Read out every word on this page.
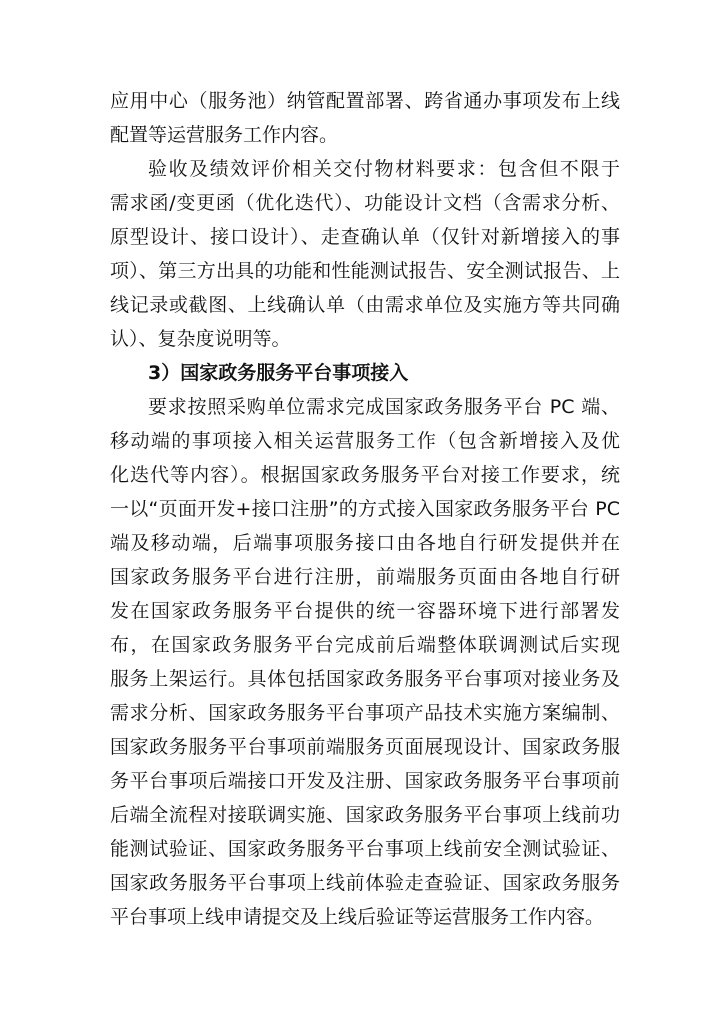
应用中心（服务池）纳管配置部署、跨省通办事项发布上线
配置等运营服务工作内容。
验收及绩效评价相关交付物材料要求：包含但不限于
需求函/变更函（优化迭代）、功能设计文档（含需求分析、
原型设计、接口设计）、走查确认单（仅针对新增接入的事
项）、第三方出具的功能和性能测试报告、安全测试报告、上
线记录或截图、上线确认单（由需求单位及实施方等共同确
认）、复杂度说明等。
3）国家政务服务平台事项接入
要求按照采购单位需求完成国家政务服务平台 PC 端、
移动端的事项接入相关运营服务工作（包含新增接入及优
化迭代等内容）。根据国家政务服务平台对接工作要求，统
一以“页面开发+接口注册”的方式接入国家政务服务平台 PC
端及移动端，后端事项服务接口由各地自行研发提供并在
国家政务服务平台进行注册，前端服务页面由各地自行研
发在国家政务服务平台提供的统一容器环境下进行部署发
布，在国家政务服务平台完成前后端整体联调测试后实现
服务上架运行。具体包括国家政务服务平台事项对接业务及
需求分析、国家政务服务平台事项产品技术实施方案编制、
国家政务服务平台事项前端服务页面展现设计、国家政务服
务平台事项后端接口开发及注册、国家政务服务平台事项前
后端全流程对接联调实施、国家政务服务平台事项上线前功
能测试验证、国家政务服务平台事项上线前安全测试验证、
国家政务服务平台事项上线前体验走查验证、国家政务服务
平台事项上线申请提交及上线后验证等运营服务工作内容。
